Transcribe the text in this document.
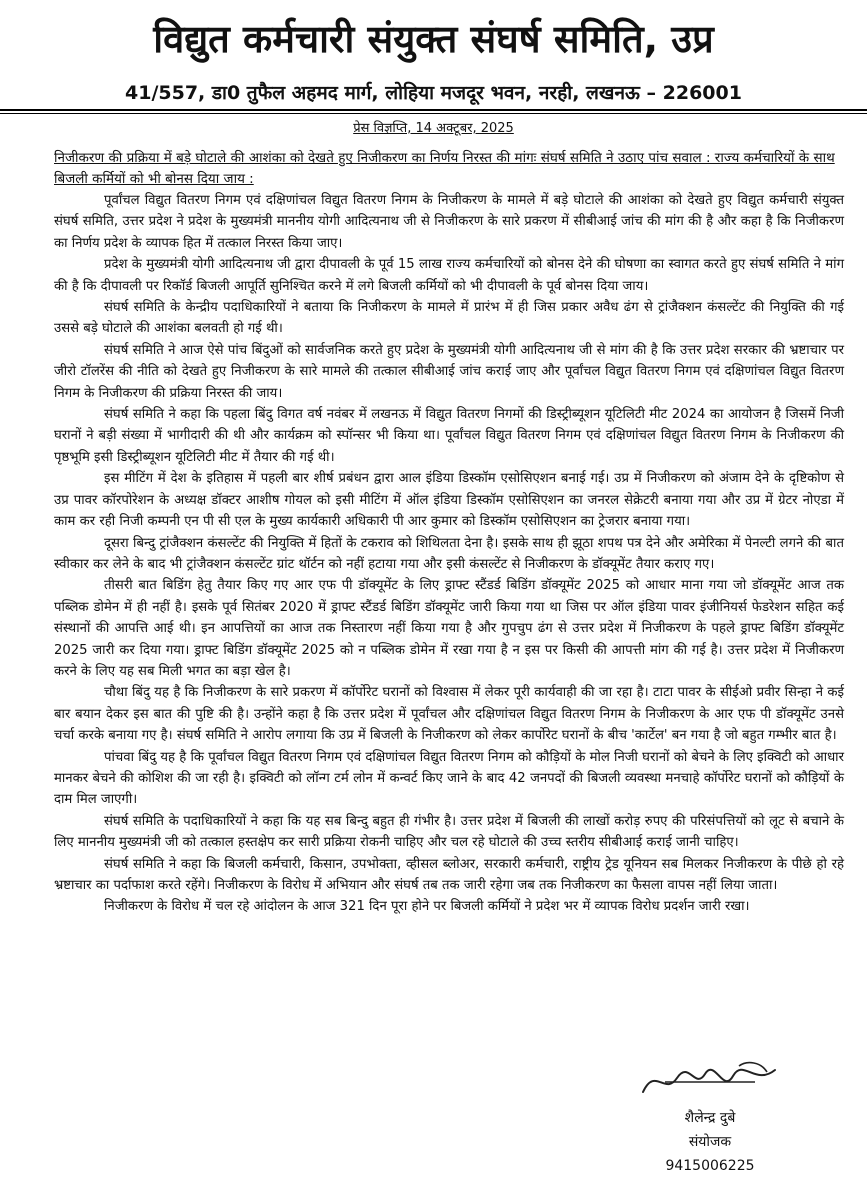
विद्युत कर्मचारी संयुक्त संघर्ष समिति, उप्र
41/557, डा0 तुफैल अहमद मार्ग, लोहिया मजदूर भवन, नरही, लखनऊ – 226001
प्रेस विज्ञप्ति, 14 अक्टूबर, 2025
निजीकरण की प्रक्रिया में बड़े घोटाले की आशंका को देखते हुए निजीकरण का निर्णय निरस्त की मांगः संघर्ष समिति ने उठाए पांच सवाल : राज्य कर्मचारियों के साथ बिजली कर्मियों को भी बोनस दिया जाय :

पूर्वांचल विद्युत वितरण निगम एवं दक्षिणांचल विद्युत वितरण निगम के निजीकरण के मामले में बड़े घोटाले की आशंका को देखते हुए विद्युत कर्मचारी संयुक्त संघर्ष समिति, उत्तर प्रदेश ने प्रदेश के मुख्यमंत्री माननीय योगी आदित्यनाथ जी से निजीकरण के सारे प्रकरण में सीबीआई जांच की मांग की है और कहा है कि निजीकरण का निर्णय प्रदेश के व्यापक हित में तत्काल निरस्त किया जाए।

प्रदेश के मुख्यमंत्री योगी आदित्यनाथ जी द्वारा दीपावली के पूर्व 15 लाख राज्य कर्मचारियों को बोनस देने की घोषणा का स्वागत करते हुए संघर्ष समिति ने मांग की है कि दीपावली पर रिकॉर्ड बिजली आपूर्ति सुनिश्चित करने में लगे बिजली कर्मियों को भी दीपावली के पूर्व बोनस दिया जाय।

संघर्ष समिति के केन्द्रीय पदाधिकारियों ने बताया कि निजीकरण के मामले में प्रारंभ में ही जिस प्रकार अवैध ढंग से ट्रांजैक्शन कंसल्टेंट की नियुक्ति की गई उससे बड़े घोटाले की आशंका बलवती हो गई थी।

संघर्ष समिति ने आज ऐसे पांच बिंदुओं को सार्वजनिक करते हुए प्रदेश के मुख्यमंत्री योगी आदित्यनाथ जी से मांग की है कि उत्तर प्रदेश सरकार की भ्रष्टाचार पर जीरो टॉलरेंस की नीति को देखते हुए निजीकरण के सारे मामले की तत्काल सीबीआई जांच कराई जाए और पूर्वांचल विद्युत वितरण निगम एवं दक्षिणांचल विद्युत वितरण निगम के निजीकरण की प्रक्रिया निरस्त की जाय।

संघर्ष समिति ने कहा कि पहला बिंदु विगत वर्ष नवंबर में लखनऊ में विद्युत वितरण निगमों की डिस्ट्रीब्यूशन यूटिलिटी मीट 2024 का आयोजन है जिसमें निजी घरानों ने बड़ी संख्या में भागीदारी की थी और कार्यक्रम को स्पॉन्सर भी किया था। पूर्वांचल विद्युत वितरण निगम एवं दक्षिणांचल विद्युत वितरण निगम के निजीकरण की पृष्ठभूमि इसी डिस्ट्रीब्यूशन यूटिलिटी मीट में तैयार की गई थी।

इस मीटिंग में देश के इतिहास में पहली बार शीर्ष प्रबंधन द्वारा आल इंडिया डिस्कॉम एसोसिएशन बनाई गई। उप्र में निजीकरण को अंजाम देने के दृष्टिकोण से उप्र पावर कॉरपोरेशन के अध्यक्ष डॉक्टर आशीष गोयल को इसी मीटिंग में ऑल इंडिया डिस्कॉम एसोसिएशन का जनरल सेक्रेटरी बनाया गया और उप्र में ग्रेटर नोएडा में काम कर रही निजी कम्पनी एन पी सी एल के मुख्य कार्यकारी अधिकारी पी आर कुमार को डिस्कॉम एसोसिएशन का ट्रेजरार बनाया गया।

दूसरा बिन्दु ट्रांजैक्शन कंसल्टेंट की नियुक्ति में हितों के टकराव को शिथिलता देना है। इसके साथ ही झूठा शपथ पत्र देने और अमेरिका में पेनल्टी लगने की बात स्वीकार कर लेने के बाद भी ट्रांजैक्शन कंसल्टेंट ग्रांट थॉर्टन को नहीं हटाया गया और इसी कंसल्टेंट से निजीकरण के डॉक्यूमेंट तैयार कराए गए।

तीसरी बात बिडिंग हेतु तैयार किए गए आर एफ पी डॉक्यूमेंट के लिए ड्राफ्ट स्टैंडर्ड बिडिंग डॉक्यूमेंट 2025 को आधार माना गया जो डॉक्यूमेंट आज तक पब्लिक डोमेन में ही नहीं है। इसके पूर्व सितंबर 2020 में ड्राफ्ट स्टैंडर्ड बिडिंग डॉक्यूमेंट जारी किया गया था जिस पर ऑल इंडिया पावर इंजीनियर्स फेडरेशन सहित कई संस्थानों की आपत्ति आई थी। इन आपत्तियों का आज तक निस्तारण नहीं किया गया है और गुपचुप ढंग से उत्तर प्रदेश में निजीकरण के पहले ड्राफ्ट बिडिंग डॉक्यूमेंट 2025 जारी कर दिया गया। ड्राफ्ट बिडिंग डॉक्यूमेंट 2025 को न पब्लिक डोमेन में रखा गया है न इस पर किसी की आपत्ती मांग की गई है। उत्तर प्रदेश में निजीकरण करने के लिए यह सब मिली भगत का बड़ा खेल है।

चौथा बिंदु यह है कि निजीकरण के सारे प्रकरण में कॉर्पोरेट घरानों को विश्वास में लेकर पूरी कार्यवाही की जा रहा है। टाटा पावर के सीईओ प्रवीर सिन्हा ने कई बार बयान देकर इस बात की पुष्टि की है। उन्होंने कहा है कि उत्तर प्रदेश में पूर्वांचल और दक्षिणांचल विद्युत वितरण निगम के निजीकरण के आर एफ पी डॉक्यूमेंट उनसे चर्चा करके बनाया गए है। संघर्ष समिति ने आरोप लगाया कि उप्र में बिजली के निजीकरण को लेकर कार्पोरेट घरानों के बीच 'कार्टेल' बन गया है जो बहुत गम्भीर बात है।

पांचवा बिंदु यह है कि पूर्वांचल विद्युत वितरण निगम एवं दक्षिणांचल विद्युत वितरण निगम को कौड़ियों के मोल निजी घरानों को बेचने के लिए इक्विटी को आधार मानकर बेचने की कोशिश की जा रही है। इक्विटी को लॉन्ग टर्म लोन में कन्वर्ट किए जाने के बाद 42 जनपदों की बिजली व्यवस्था मनचाहे कॉर्पोरेट घरानों को कौड़ियों के दाम मिल जाएगी।

संघर्ष समिति के पदाधिकारियों ने कहा कि यह सब बिन्दु बहुत ही गंभीर है। उत्तर प्रदेश में बिजली की लाखों करोड़ रुपए की परिसंपत्तियों को लूट से बचाने के लिए माननीय मुख्यमंत्री जी को तत्काल हस्तक्षेप कर सारी प्रक्रिया रोकनी चाहिए और चल रहे घोटाले की उच्च स्तरीय सीबीआई कराई जानी चाहिए।

संघर्ष समिति ने कहा कि बिजली कर्मचारी, किसान, उपभोक्ता, व्हीसल ब्लोअर, सरकारी कर्मचारी, राष्ट्रीय ट्रेड यूनियन सब मिलकर निजीकरण के पीछे हो रहे भ्रष्टाचार का पर्दाफाश करते रहेंगे। निजीकरण के विरोध में अभियान और संघर्ष तब तक जारी रहेगा जब तक निजीकरण का फैसला वापस नहीं लिया जाता।

निजीकरण के विरोध में चल रहे आंदोलन के आज 321 दिन पूरा होने पर बिजली कर्मियों ने प्रदेश भर में व्यापक विरोध प्रदर्शन जारी रखा।

शैलेन्द्र दुबे
संयोजक
9415006225
